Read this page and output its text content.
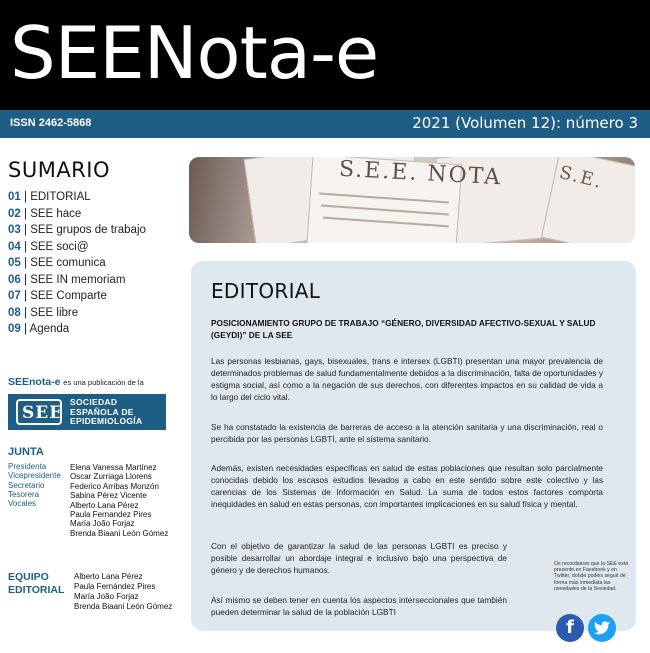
SEENota-e
ISSN 2462-5868	2021 (Volumen 12): número 3
SUMARIO
01 | EDITORIAL
02 | SEE hace
03 | SEE grupos de trabajo
04 | SEE soci@
05 | SEE comunica
06 | SEE IN memoriam
07 | SEE Comparte
08 | SEE libre
09 | Agenda
SEEnota-e es una publicación de la
SEE
SOCIEDAD
ESPAÑOLA DE
EPIDEMIOLOGÍA
JUNTA
Presidenta
Vicepresidente
Secretario
Tesorera
Vocales
Elena Vanessa Martínez
Oscar Zurriaga Llorens
Federico Arribas Monzón
Sabina Pérez Vicente
Alberto Lana Pérez
Paula Fernandez Pires
María João Forjaz
Brenda Biaani León Gómez
EQUIPO
EDITORIAL
Alberto Lana Pérez
Paula Fernández Pires
María João Forjaz
Brenda Biaani León Gómez
S.E.E. NOTA	S.E.
EDITORIAL
POSICIONAMIENTO GRUPO DE TRABAJO “GÉNERO, DIVERSIDAD AFECTIVO-SEXUAL Y SALUD (GEYDI)” DE LA SEE
Las personas lesbianas, gays, bisexuales, trans e intersex (LGBTI) presentan una mayor prevalencia de determinados problemas de salud fundamentalmente debidos a la discriminación, falta de oportunidades y estigma social, así como a la negación de sus derechos, con diferentes impactos en su calidad de vida a lo largo del ciclo vital.
Se ha constatado la existencia de barreras de acceso a la atención sanitaria y una discriminación, real o percibida por las personas LGBTI, ante el sistema sanitario.
Además, existen necesidades específicas en salud de estas poblaciones que resultan solo parcialmente conocidas debido los escasos estudios llevados a cabo en este sentido sobre este colectivo y las carencias de los Sistemas de Información en Salud. La suma de todos estos factores comporta inequidades en salud en estas personas, con importantes implicaciones en su salud física y mental.
Con el objetivo de garantizar la salud de las personas LGBTI es preciso y posible desarrollar un abordaje integral e inclusivo bajo una perspectiva de género y de derechos humanos.
Así mismo se deben tener en cuenta los aspectos interseccionales que también pueden determinar la salud de la población LGBTI
Os recordamos que la SEE está presente en Facebook y en Twitter, donde podéis seguir de forma más inmediata las novedades de la Sociedad.
f
